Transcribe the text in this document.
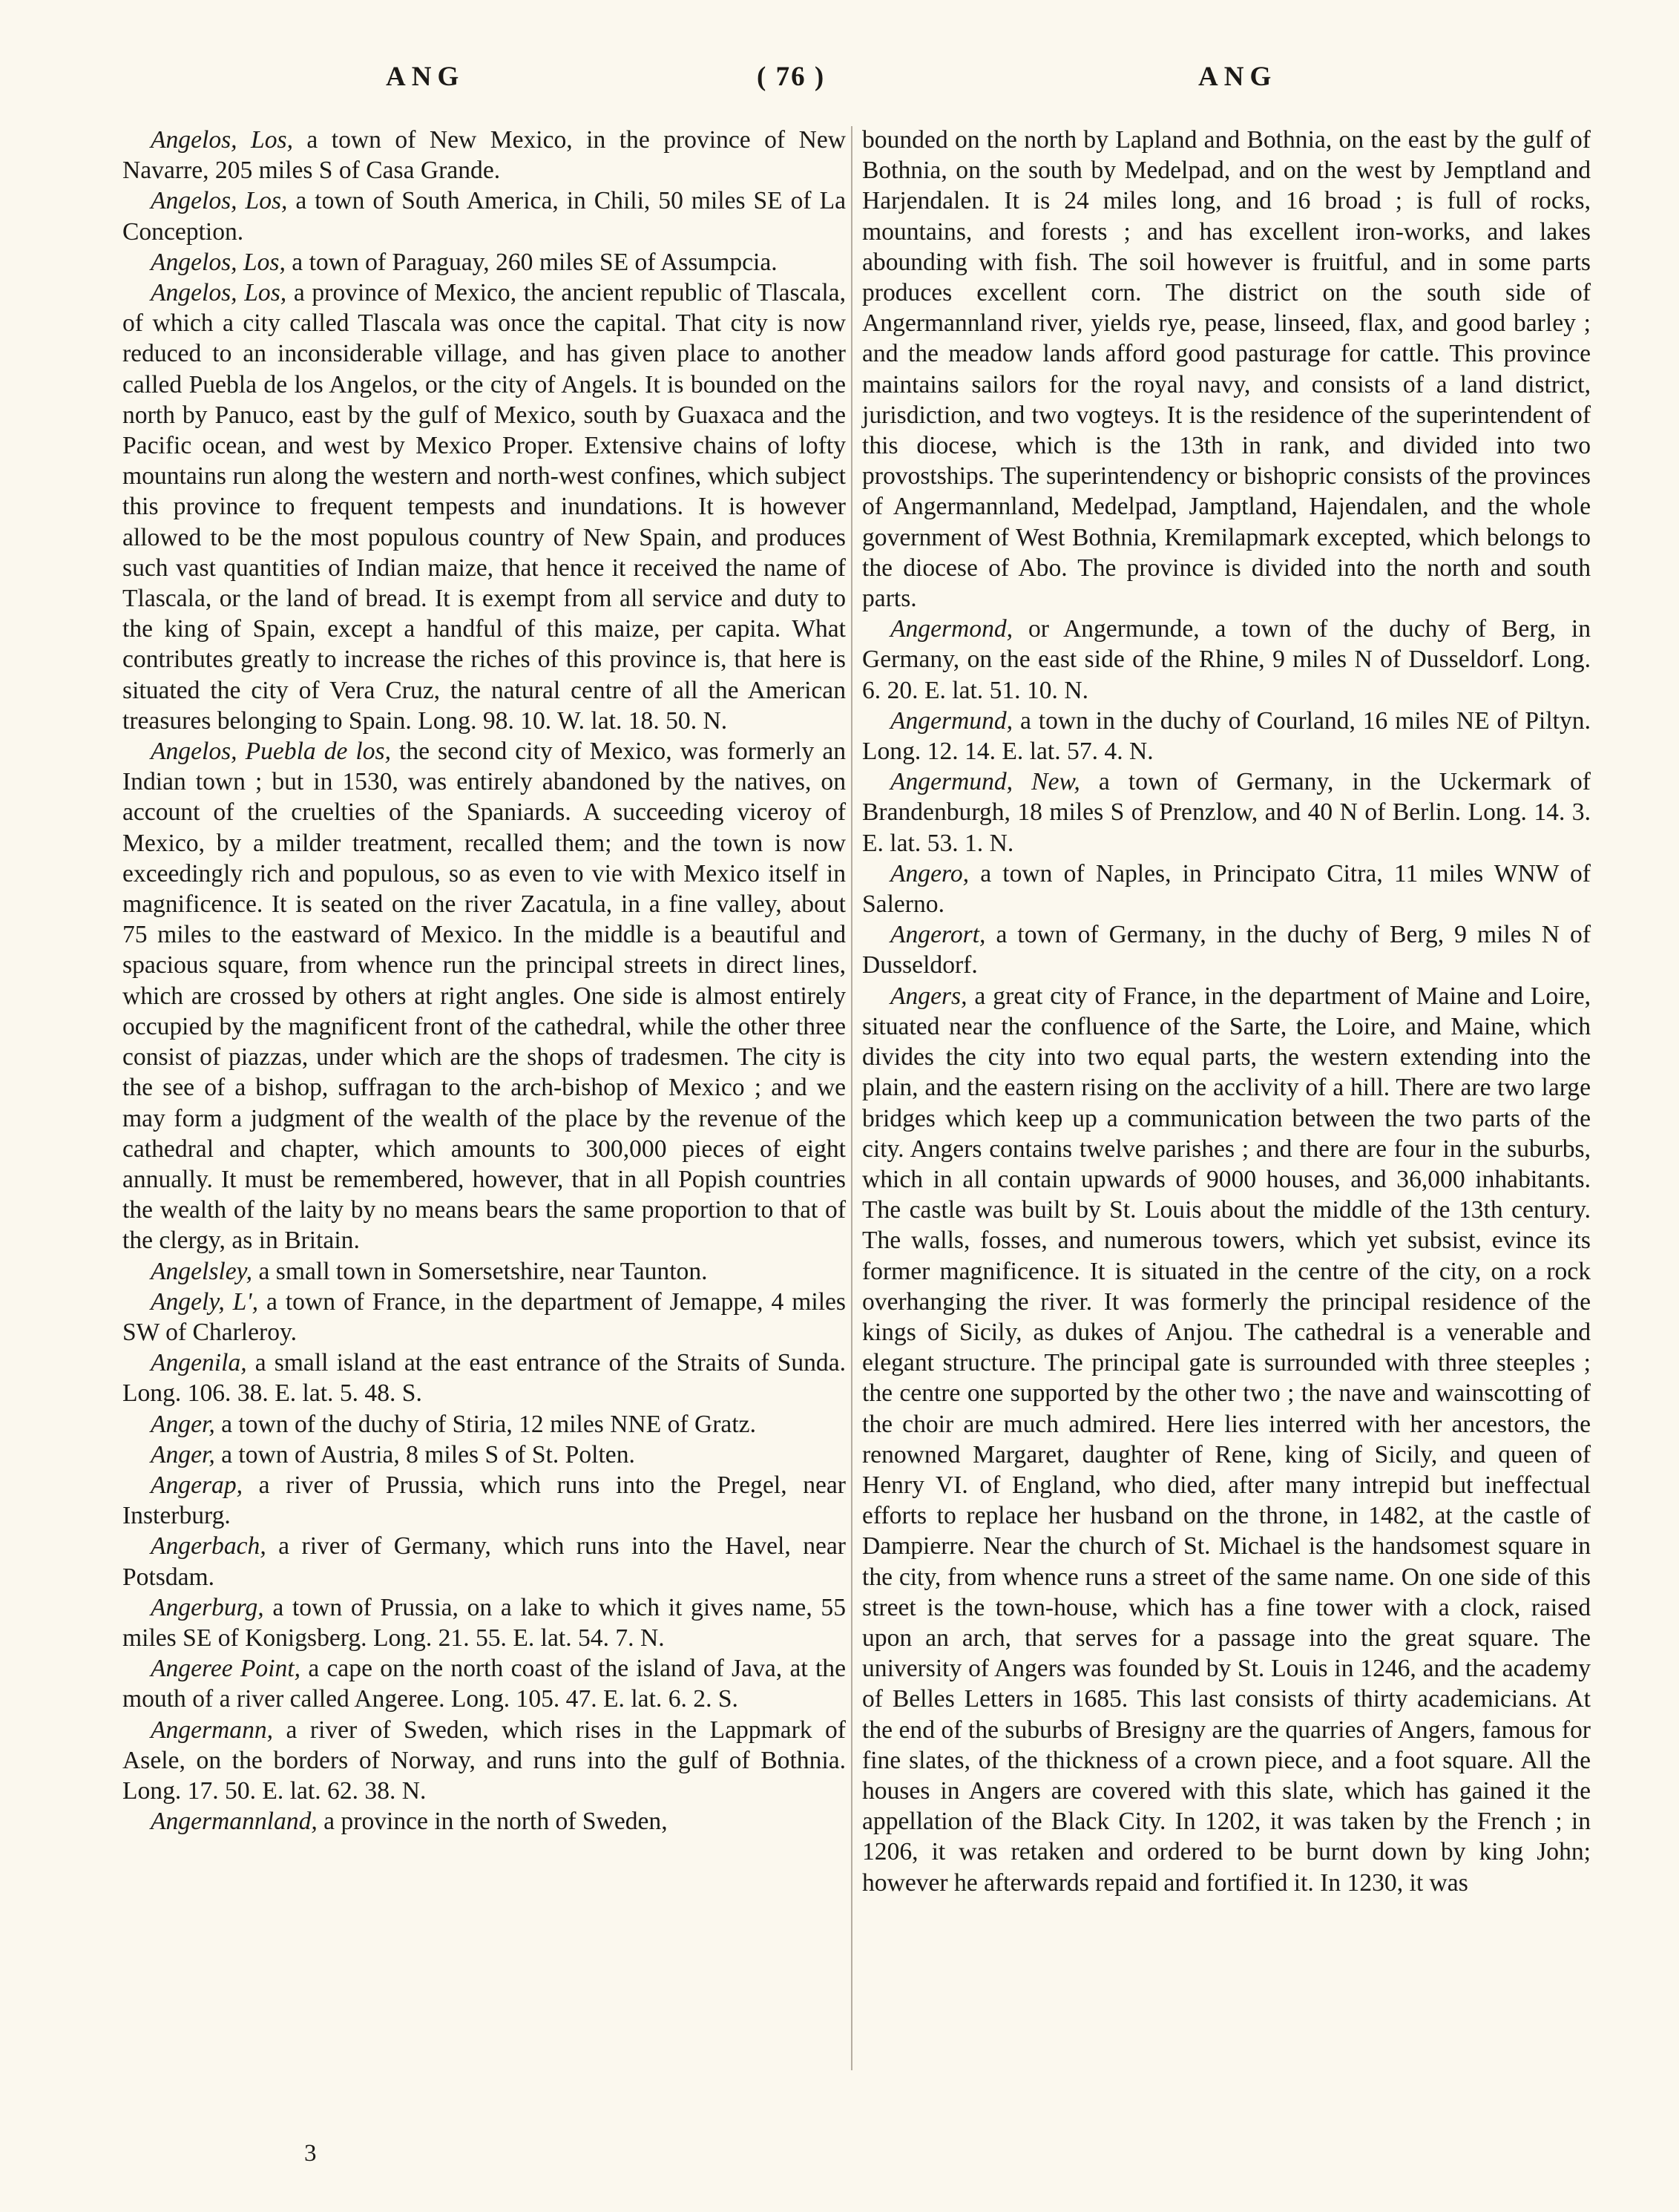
ANG	( 76 )	ANG

Angelos, Los, a town of New Mexico, in the province of New Navarre, 205 miles S of Casa Grande.

Angelos, Los, a town of South America, in Chili, 50 miles SE of La Conception.

Angelos, Los, a town of Paraguay, 260 miles SE of Assumpcia.

Angelos, Los, a province of Mexico, the ancient republic of Tlascala, of which a city called Tlascala was once the capital. That city is now reduced to an inconsiderable village, and has given place to another called Puebla de los Angelos, or the city of Angels. It is bounded on the north by Panuco, east by the gulf of Mexico, south by Guaxaca and the Pacific ocean, and west by Mexico Proper. Extensive chains of lofty mountains run along the western and north-west confines, which subject this province to frequent tempests and inundations. It is however allowed to be the most populous country of New Spain, and produces such vast quantities of Indian maize, that hence it received the name of Tlascala, or the land of bread. It is exempt from all service and duty to the king of Spain, except a handful of this maize, per capita. What contributes greatly to increase the riches of this province is, that here is situated the city of Vera Cruz, the natural centre of all the American treasures belonging to Spain. Long. 98. 10. W. lat. 18. 50. N.

Angelos, Puebla de los, the second city of Mexico, was formerly an Indian town ; but in 1530, was entirely abandoned by the natives, on account of the cruelties of the Spaniards. A succeeding viceroy of Mexico, by a milder treatment, recalled them; and the town is now exceedingly rich and populous, so as even to vie with Mexico itself in magnificence. It is seated on the river Zacatula, in a fine valley, about 75 miles to the eastward of Mexico. In the middle is a beautiful and spacious square, from whence run the principal streets in direct lines, which are crossed by others at right angles. One side is almost entirely occupied by the magnificent front of the cathedral, while the other three consist of piazzas, under which are the shops of tradesmen. The city is the see of a bishop, suffragan to the arch-bishop of Mexico ; and we may form a judgment of the wealth of the place by the revenue of the cathedral and chapter, which amounts to 300,000 pieces of eight annually. It must be remembered, however, that in all Popish countries the wealth of the laity by no means bears the same proportion to that of the clergy, as in Britain.

Angelsley, a small town in Somersetshire, near Taunton.

Angely, L', a town of France, in the department of Jemappe, 4 miles SW of Charleroy.

Angenila, a small island at the east entrance of the Straits of Sunda. Long. 106. 38. E. lat. 5. 48. S.

Anger, a town of the duchy of Stiria, 12 miles NNE of Gratz.

Anger, a town of Austria, 8 miles S of St. Polten.

Angerap, a river of Prussia, which runs into the Pregel, near Insterburg.

Angerbach, a river of Germany, which runs into the Havel, near Potsdam.

Angerburg, a town of Prussia, on a lake to which it gives name, 55 miles SE of Konigsberg. Long. 21. 55. E. lat. 54. 7. N.

Angeree Point, a cape on the north coast of the island of Java, at the mouth of a river called Angeree. Long. 105. 47. E. lat. 6. 2. S.

Angermann, a river of Sweden, which rises in the Lappmark of Asele, on the borders of Norway, and runs into the gulf of Bothnia. Long. 17. 50. E. lat. 62. 38. N.

Angermannland, a province in the north of Sweden,

bounded on the north by Lapland and Bothnia, on the east by the gulf of Bothnia, on the south by Medelpad, and on the west by Jemptland and Harjendalen. It is 24 miles long, and 16 broad ; is full of rocks, mountains, and forests ; and has excellent iron-works, and lakes abounding with fish. The soil however is fruitful, and in some parts produces excellent corn. The district on the south side of Angermannland river, yields rye, pease, linseed, flax, and good barley ; and the meadow lands afford good pasturage for cattle. This province maintains sailors for the royal navy, and consists of a land district, jurisdiction, and two vogteys. It is the residence of the superintendent of this diocese, which is the 13th in rank, and divided into two provostships. The superintendency or bishopric consists of the provinces of Angermannland, Medelpad, Jamptland, Hajendalen, and the whole government of West Bothnia, Kremilapmark excepted, which belongs to the diocese of Abo. The province is divided into the north and south parts.

Angermond, or Angermunde, a town of the duchy of Berg, in Germany, on the east side of the Rhine, 9 miles N of Dusseldorf. Long. 6. 20. E. lat. 51. 10. N.

Angermund, a town in the duchy of Courland, 16 miles NE of Piltyn. Long. 12. 14. E. lat. 57. 4. N.

Angermund, New, a town of Germany, in the Uckermark of Brandenburgh, 18 miles S of Prenzlow, and 40 N of Berlin. Long. 14. 3. E. lat. 53. 1. N.

Angero, a town of Naples, in Principato Citra, 11 miles WNW of Salerno.

Angerort, a town of Germany, in the duchy of Berg, 9 miles N of Dusseldorf.

Angers, a great city of France, in the department of Maine and Loire, situated near the confluence of the Sarte, the Loire, and Maine, which divides the city into two equal parts, the western extending into the plain, and the eastern rising on the acclivity of a hill. There are two large bridges which keep up a communication between the two parts of the city. Angers contains twelve parishes ; and there are four in the suburbs, which in all contain upwards of 9000 houses, and 36,000 inhabitants. The castle was built by St. Louis about the middle of the 13th century. The walls, fosses, and numerous towers, which yet subsist, evince its former magnificence. It is situated in the centre of the city, on a rock overhanging the river. It was formerly the principal residence of the kings of Sicily, as dukes of Anjou. The cathedral is a venerable and elegant structure. The principal gate is surrounded with three steeples ; the centre one supported by the other two ; the nave and wainscotting of the choir are much admired. Here lies interred with her ancestors, the renowned Margaret, daughter of Rene, king of Sicily, and queen of Henry VI. of England, who died, after many intrepid but ineffectual efforts to replace her husband on the throne, in 1482, at the castle of Dampierre. Near the church of St. Michael is the handsomest square in the city, from whence runs a street of the same name. On one side of this street is the town-house, which has a fine tower with a clock, raised upon an arch, that serves for a passage into the great square. The university of Angers was founded by St. Louis in 1246, and the academy of Belles Letters in 1685. This last consists of thirty academicians. At the end of the suburbs of Bresigny are the quarries of Angers, famous for fine slates, of the thickness of a crown piece, and a foot square. All the houses in Angers are covered with this slate, which has gained it the appellation of the Black City. In 1202, it was taken by the French ; in 1206, it was retaken and ordered to be burnt down by king John; however he afterwards repaid and fortified it. In 1230, it was

3
